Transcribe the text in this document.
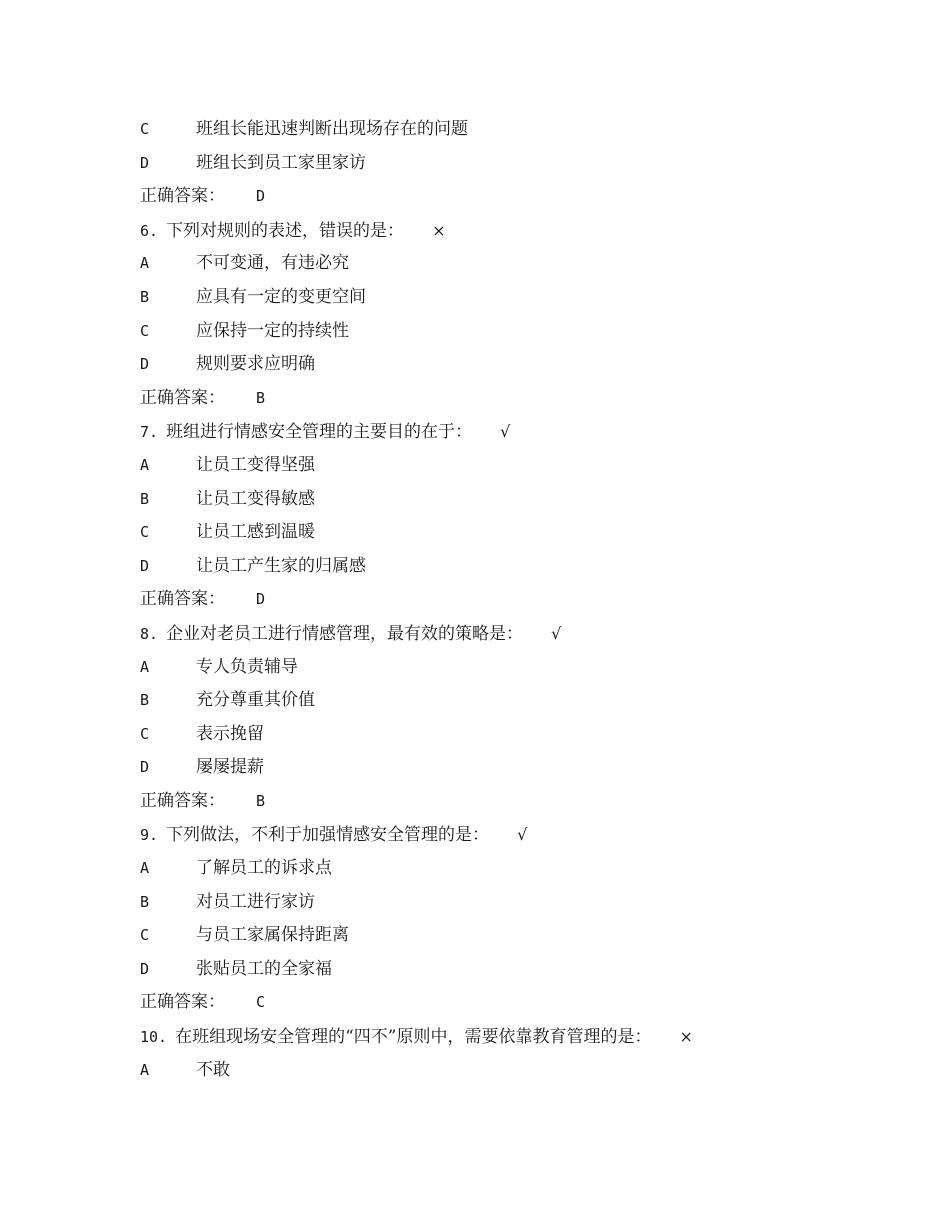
C	班组长能迅速判断出现场存在的问题
D	班组长到员工家里家访
正确答案： D
6. 下列对规则的表述，错误的是： ×
A	不可变通，有违必究
B	应具有一定的变更空间
C	应保持一定的持续性
D	规则要求应明确
正确答案： B
7. 班组进行情感安全管理的主要目的在于： √
A	让员工变得坚强
B	让员工变得敏感
C	让员工感到温暖
D	让员工产生家的归属感
正确答案： D
8. 企业对老员工进行情感管理，最有效的策略是： √
A	专人负责辅导
B	充分尊重其价值
C	表示挽留
D	屡屡提薪
正确答案： B
9. 下列做法，不利于加强情感安全管理的是： √
A	了解员工的诉求点
B	对员工进行家访
C	与员工家属保持距离
D	张贴员工的全家福
正确答案： C
10. 在班组现场安全管理的“四不”原则中，需要依靠教育管理的是： ×
A	不敢
